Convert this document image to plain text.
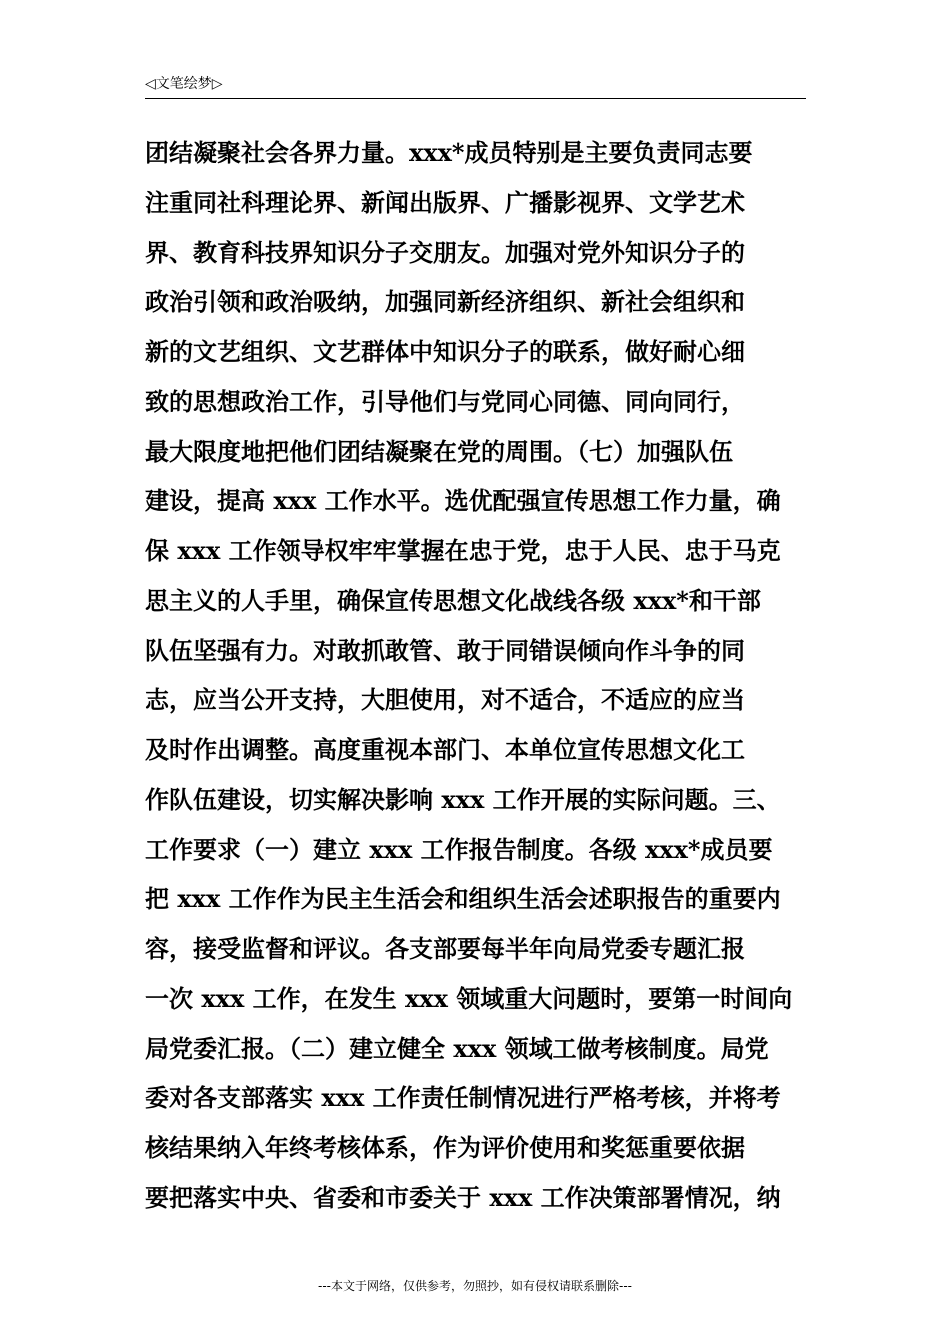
◁文笔绘梦▷
团结凝聚社会各界力量。xxx*成员特别是主要负责同志要
注重同社科理论界、新闻出版界、广播影视界、文学艺术
界、教育科技界知识分子交朋友。加强对党外知识分子的
政治引领和政治吸纳，加强同新经济组织、新社会组织和
新的文艺组织、文艺群体中知识分子的联系，做好耐心细
致的思想政治工作，引导他们与党同心同德、同向同行，
最大限度地把他们团结凝聚在党的周围。（七）加强队伍
建设，提高 xxx 工作水平。选优配强宣传思想工作力量，确
保 xxx 工作领导权牢牢掌握在忠于党，忠于人民、忠于马克
思主义的人手里，确保宣传思想文化战线各级 xxx*和干部
队伍坚强有力。对敢抓敢管、敢于同错误倾向作斗争的同
志，应当公开支持，大胆使用，对不适合，不适应的应当
及时作出调整。高度重视本部门、本单位宣传思想文化工
作队伍建设，切实解决影响 xxx 工作开展的实际问题。三、
工作要求（一）建立 xxx 工作报告制度。各级 xxx*成员要
把 xxx 工作作为民主生活会和组织生活会述职报告的重要内
容，接受监督和评议。各支部要每半年向局党委专题汇报
一次 xxx 工作，在发生 xxx 领域重大问题时，要第一时间向
局党委汇报。（二）建立健全 xxx 领域工做考核制度。局党
委对各支部落实 xxx 工作责任制情况进行严格考核，并将考
核结果纳入年终考核体系，作为评价使用和奖惩重要依据
要把落实中央、省委和市委关于 xxx 工作决策部署情况，纳
---本文于网络，仅供参考，勿照抄，如有侵权请联系删除---
